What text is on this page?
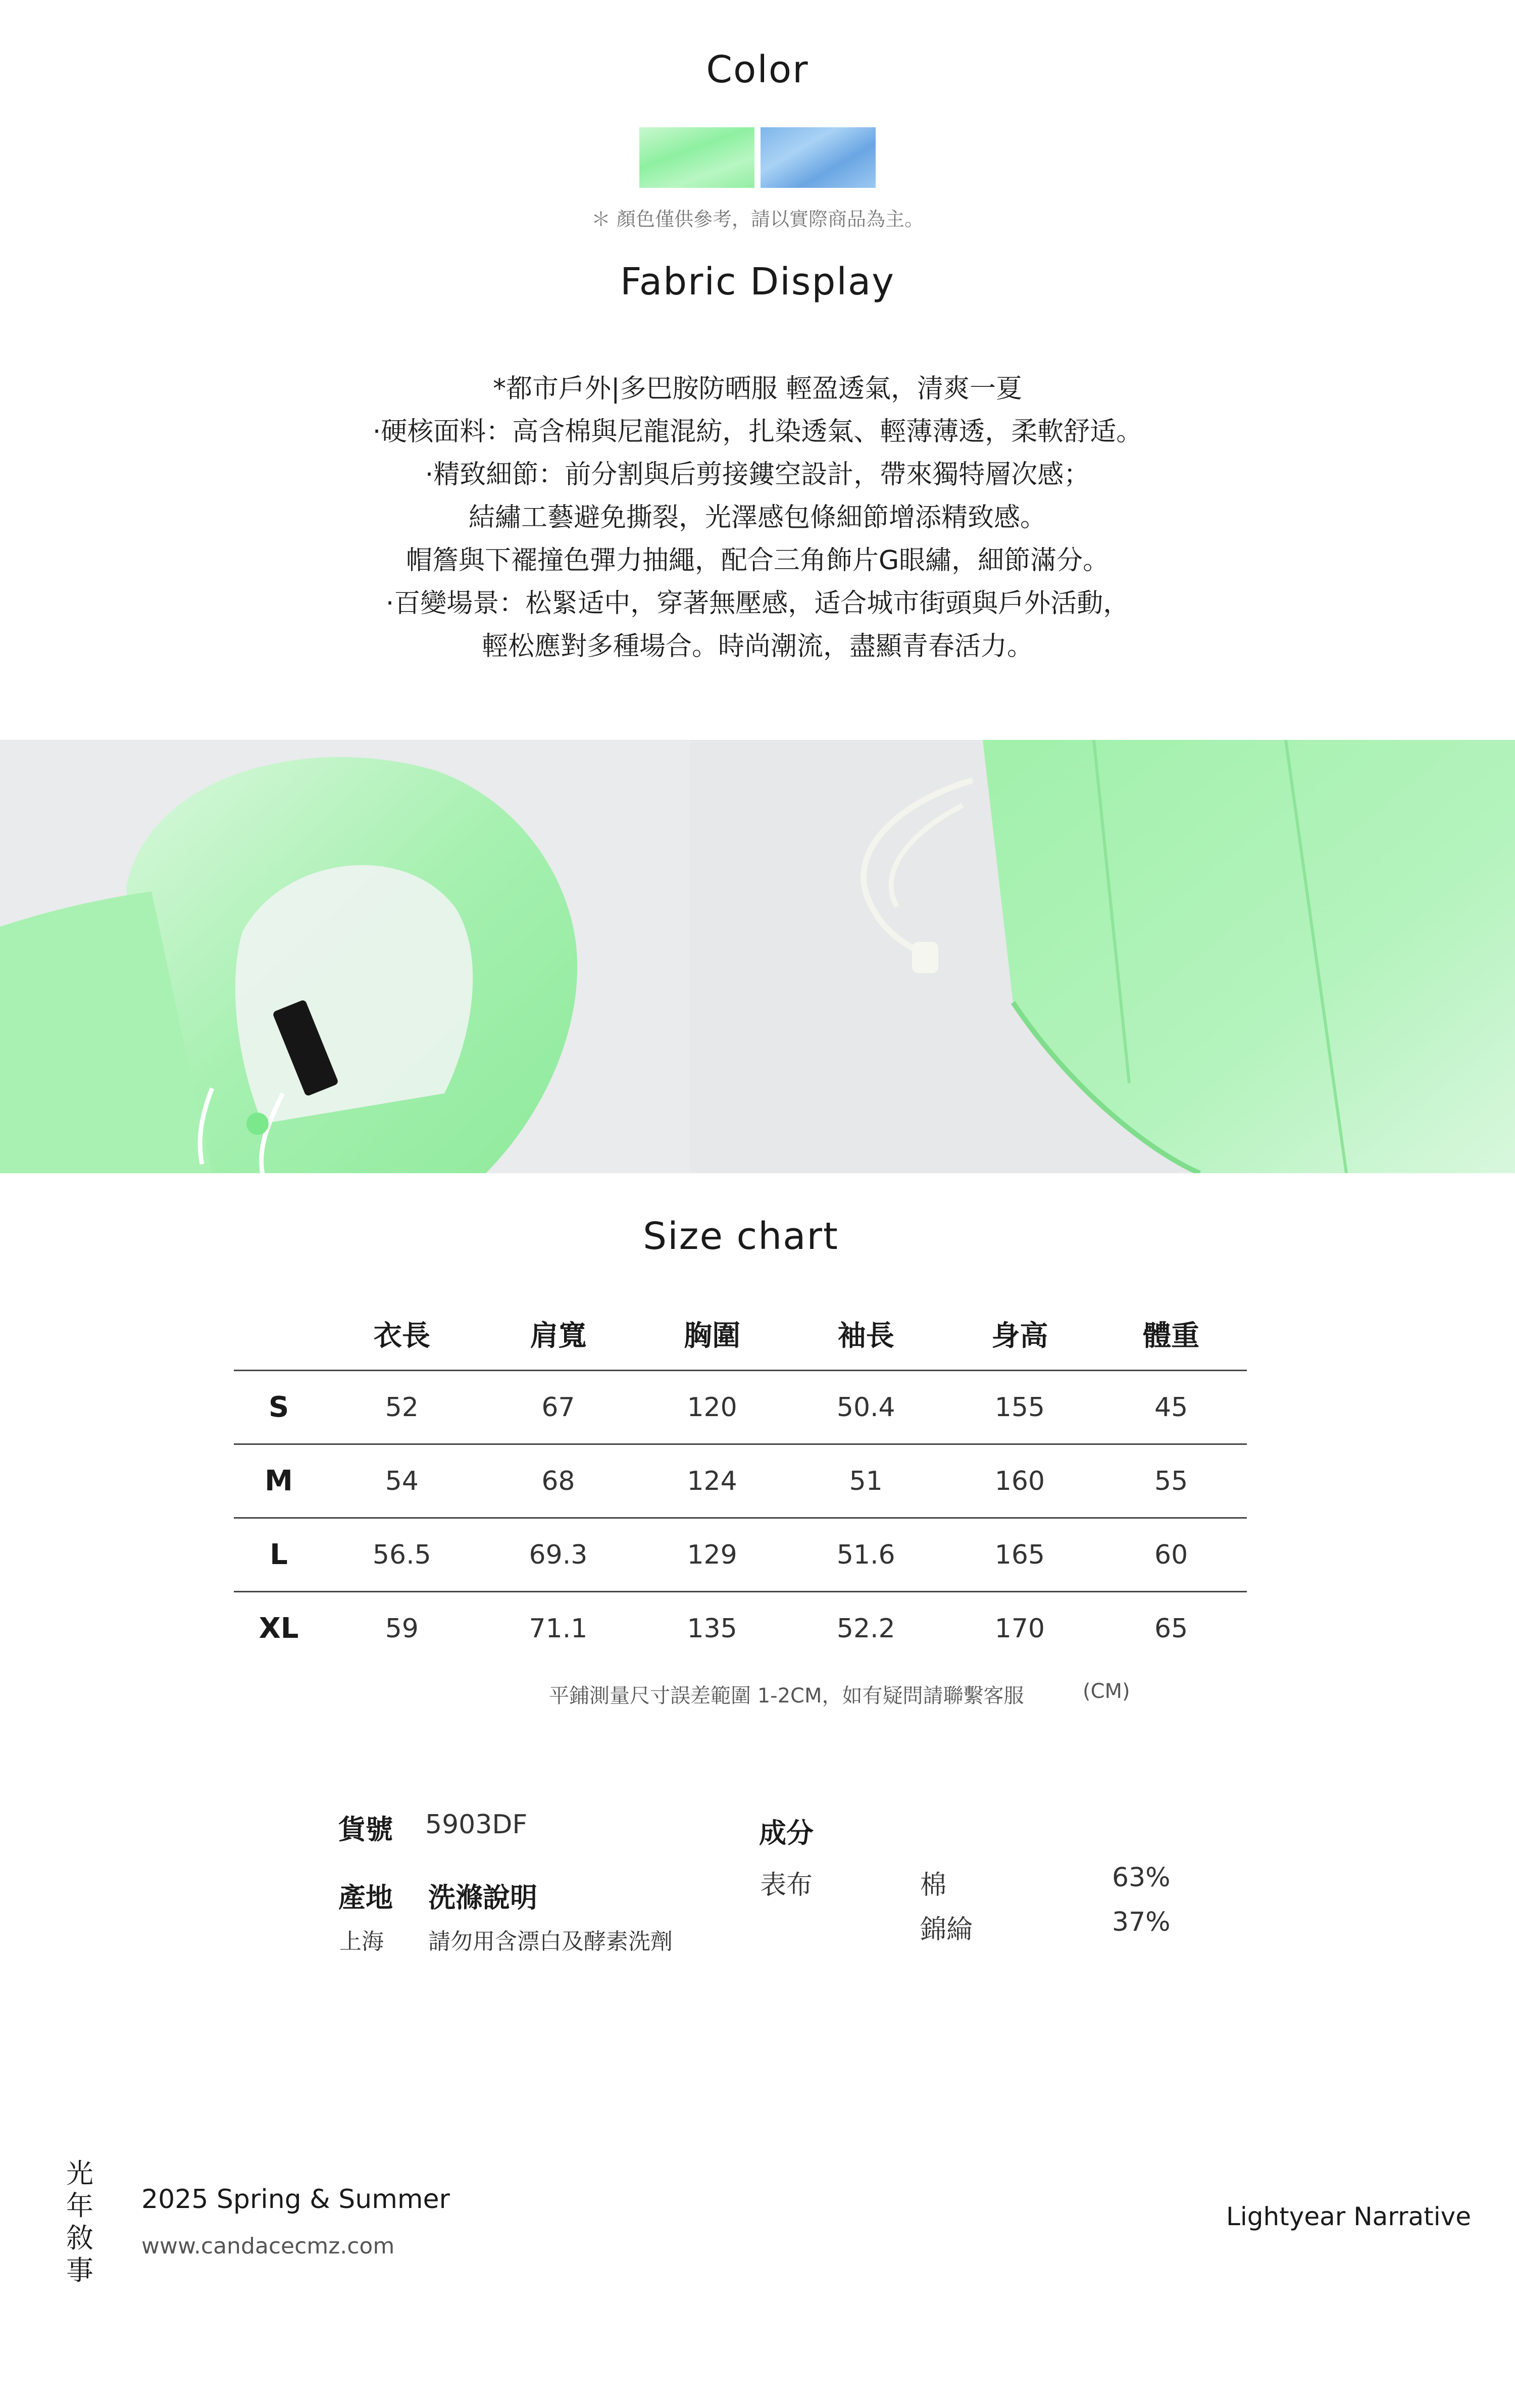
Color
＊ 顏色僅供參考，請以實際商品為主。
Fabric Display
*都市戶外|多巴胺防晒服 輕盈透氣，清爽一夏
·硬核面料：高含棉與尼龍混紡，扎染透氣、輕薄薄透，柔軟舒适。
·精致細節：前分割與后剪接鏤空設計，帶來獨特層次感；
結繡工藝避免撕裂，光澤感包條細節增添精致感。
帽簷與下襬撞色彈力抽繩，配合三角飾片G眼繡，細節滿分。
·百變場景：松緊适中，穿著無壓感，适合城市街頭與戶外活動，
輕松應對多種場合。時尚潮流，盡顯青春活力。
Size chart
	衣長	肩寬	胸圍	袖長	身高	體重
S	52	67	120	50.4	155	45
M	54	68	124	51	160	55
L	56.5	69.3	129	51.6	165	60
XL	59	71.1	135	52.2	170	65
平鋪測量尺寸誤差範圍 1-2CM，如有疑問請聯繫客服	(CM)
貨號 5903DF
產地 洗滌說明
上海 請勿用含漂白及酵素洗劑
成分
表布	棉	63%
錦綸	37%
光
年
敘
事
2025 Spring & Summer
www.candacecmz.com
Lightyear Narrative
